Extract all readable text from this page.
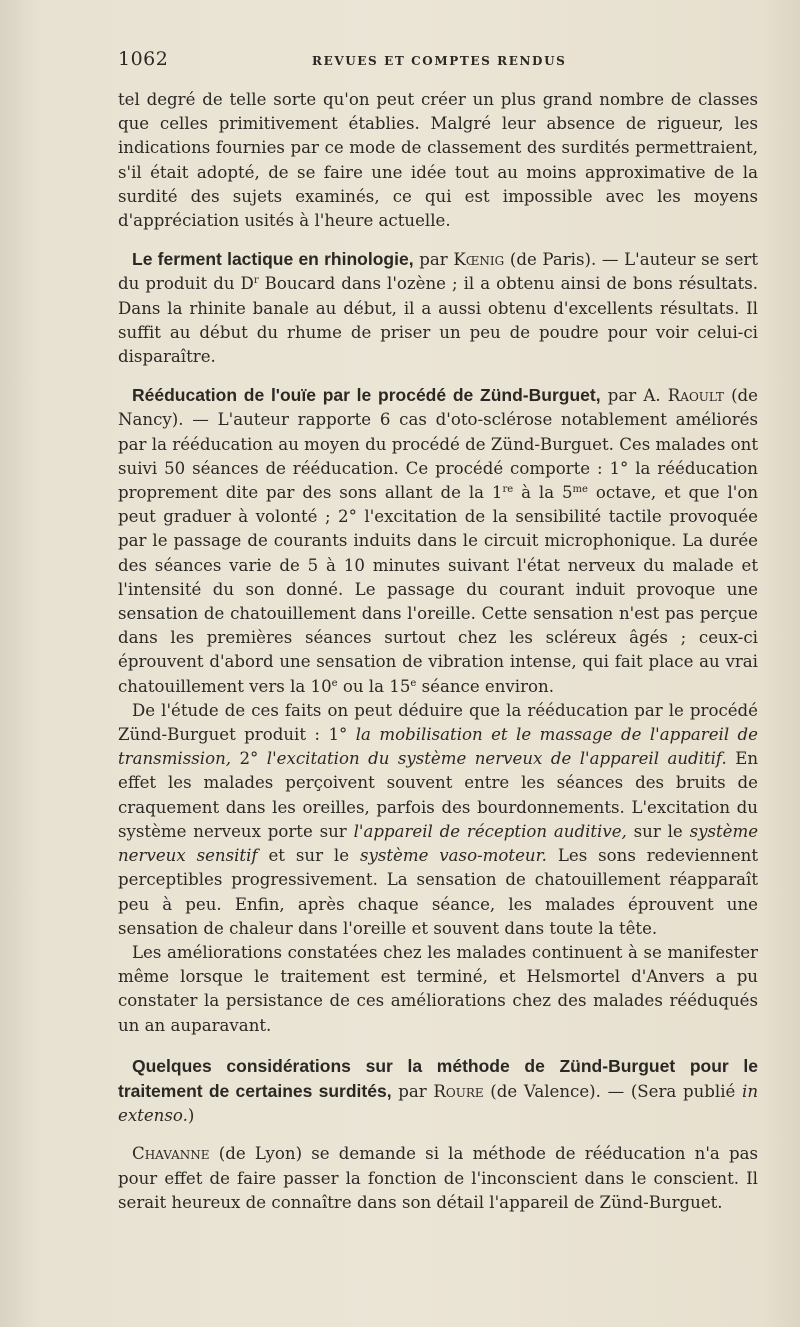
1062	REVUES ET COMPTES RENDUS

tel degré de telle sorte qu'on peut créer un plus grand nombre de classes que celles primitivement établies. Malgré leur absence de rigueur, les indications fournies par ce mode de classement des surdités permettraient, s'il était adopté, de se faire une idée tout au moins approximative de la surdité des sujets examinés, ce qui est impossible avec les moyens d'appréciation usités à l'heure actuelle.

Le ferment lactique en rhinologie, par Kœnig (de Paris). — L'auteur se sert du produit du $D^r$ Boucard dans l'ozène ; il a obtenu ainsi de bons résultats. Dans la rhinite banale au début, il a aussi obtenu d'excellents résultats. Il suffit au début du rhume de priser un peu de poudre pour voir celui-ci disparaître.

Rééducation de l'ouïe par le procédé de Zünd-Burguet, par A. Raoult (de Nancy). — L'auteur rapporte 6 cas d'oto-sclérose notablement améliorés par la rééducation au moyen du procédé de Zünd-Burguet. Ces malades ont suivi 50 séances de rééducation. Ce procédé comporte : 1° la rééducation proprement dite par des sons allant de la 1re à la $5^{me}$ octave, et que l'on peut graduer à volonté ; 2° l'excitation de la sensibilité tactile provoquée par le passage de courants induits dans le circuit microphonique. La durée des séances varie de 5 à 10 minutes suivant l'état nerveux du malade et l'intensité du son donné. Le passage du courant induit provoque une sensation de chatouillement dans l'oreille. Cette sensation n'est pas perçue dans les premières séances surtout chez les scléreux âgés ; ceux-ci éprouvent d'abord une sensation de vibration intense, qui fait place au vrai chatouillement vers la 10e ou la 15e séance environ.

De l'étude de ces faits on peut déduire que la rééducation par le procédé Zünd-Burguet produit : 1° la mobilisation et le massage de l'appareil de transmission, 2° l'excitation du système nerveux de l'appareil auditif. En effet les malades perçoivent souvent entre les séances des bruits de craquement dans les oreilles, parfois des bourdonnements. L'excitation du système nerveux porte sur l'appareil de réception auditive, sur le système nerveux sensitif et sur le système vaso-moteur. Les sons redeviennent perceptibles progressivement. La sensation de chatouillement réapparaît peu à peu. Enfin, après chaque séance, les malades éprouvent une sensation de chaleur dans l'oreille et souvent dans toute la tête.

Les améliorations constatées chez les malades continuent à se manifester même lorsque le traitement est terminé, et Helsmortel d'Anvers a pu constater la persistance de ces améliorations chez des malades rééduqués un an auparavant.

Quelques considérations sur la méthode de Zünd-Burguet pour le traitement de certaines surdités, par Roure (de Valence). — (Sera publié in extenso.)

Chavanne (de Lyon) se demande si la méthode de rééducation n'a pas pour effet de faire passer la fonction de l'inconscient dans le conscient. Il serait heureux de connaître dans son détail l'appareil de Zünd-Burguet.
